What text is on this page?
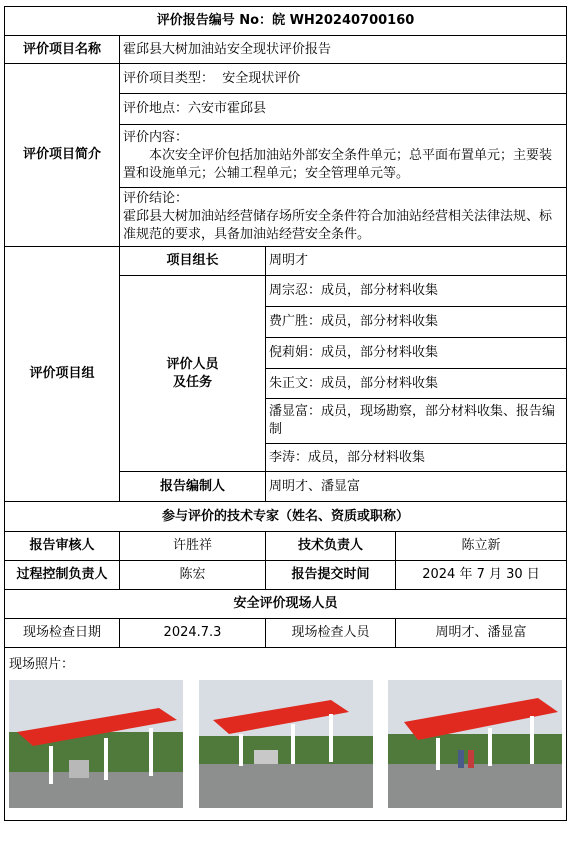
评价报告编号 No：皖 WH20240700160			
评价项目名称	霍邱县大树加油站安全现状评价报告		
评价项目简介	评价项目类型： 安全现状评价		
	评价地点：六安市霍邱县		

	评价内容：
本次安全评价包括加油站外部安全条件单元；总平面布置单元；主要装置和设施单元；公辅工程单元；安全管理单元等。		

	评价结论：
霍邱县大树加油站经营储存场所安全条件符合加油站经营相关法律法规、标准规范的要求，具备加油站经营安全条件。		

评价项目组	项目组长	周明才	

	评价人员
及任务	周宗忍：成员，部分材料收集	
		费广胜：成员，部分材料收集	
		倪莉娟：成员，部分材料收集	
		朱正文：成员，部分材料收集	
		潘显富：成员，现场勘察，部分材料收集、报告编制	
		李涛：成员，部分材料收集	
	报告编制人	周明才、潘显富	
参与评价的技术专家（姓名、资质或职称）			
报告审核人	许胜祥	技术负责人	陈立新
过程控制负责人	陈宏	报告提交时间	2024 年 7 月 30 日
安全评价现场人员			
现场检查日期	2024.7.3	现场检查人员	周明才、潘显富

现场照片：			
